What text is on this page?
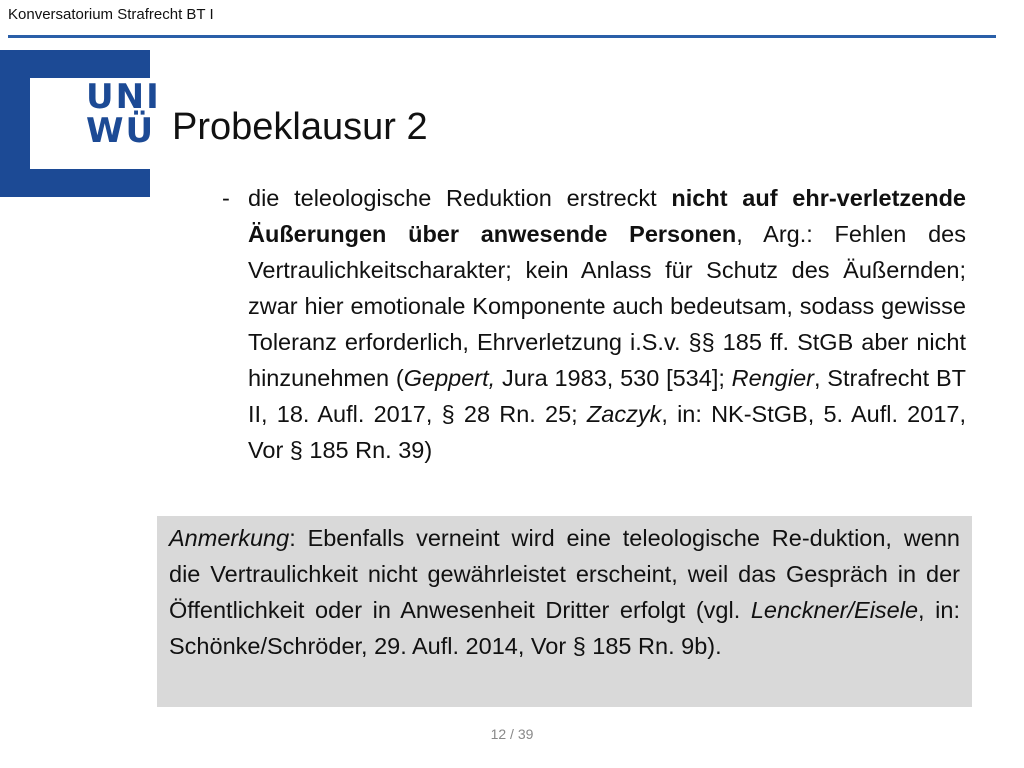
Konversatorium Strafrecht BT I
UNI
WÜ Probeklausur 2
- die teleologische Reduktion erstreckt nicht auf ehr-verletzende Äußerungen über anwesende Personen, Arg.: Fehlen des Vertraulichkeitscharakter; kein Anlass für Schutz des Äußernden; zwar hier emotionale Komponente auch bedeutsam, sodass gewisse Toleranz erforderlich, Ehrverletzung i.S.v. §§ 185 ff. StGB aber nicht hinzunehmen (Geppert, Jura 1983, 530 [534]; Rengier, Strafrecht BT II, 18. Aufl. 2017, § 28 Rn. 25; Zaczyk, in: NK-StGB, 5. Aufl. 2017, Vor § 185 Rn. 39)
Anmerkung: Ebenfalls verneint wird eine teleologische Re-duktion, wenn die Vertraulichkeit nicht gewährleistet erscheint, weil das Gespräch in der Öffentlichkeit oder in Anwesenheit Dritter erfolgt (vgl. Lenckner/Eisele, in: Schönke/Schröder, 29. Aufl. 2014, Vor § 185 Rn. 9b).
12 / 39
